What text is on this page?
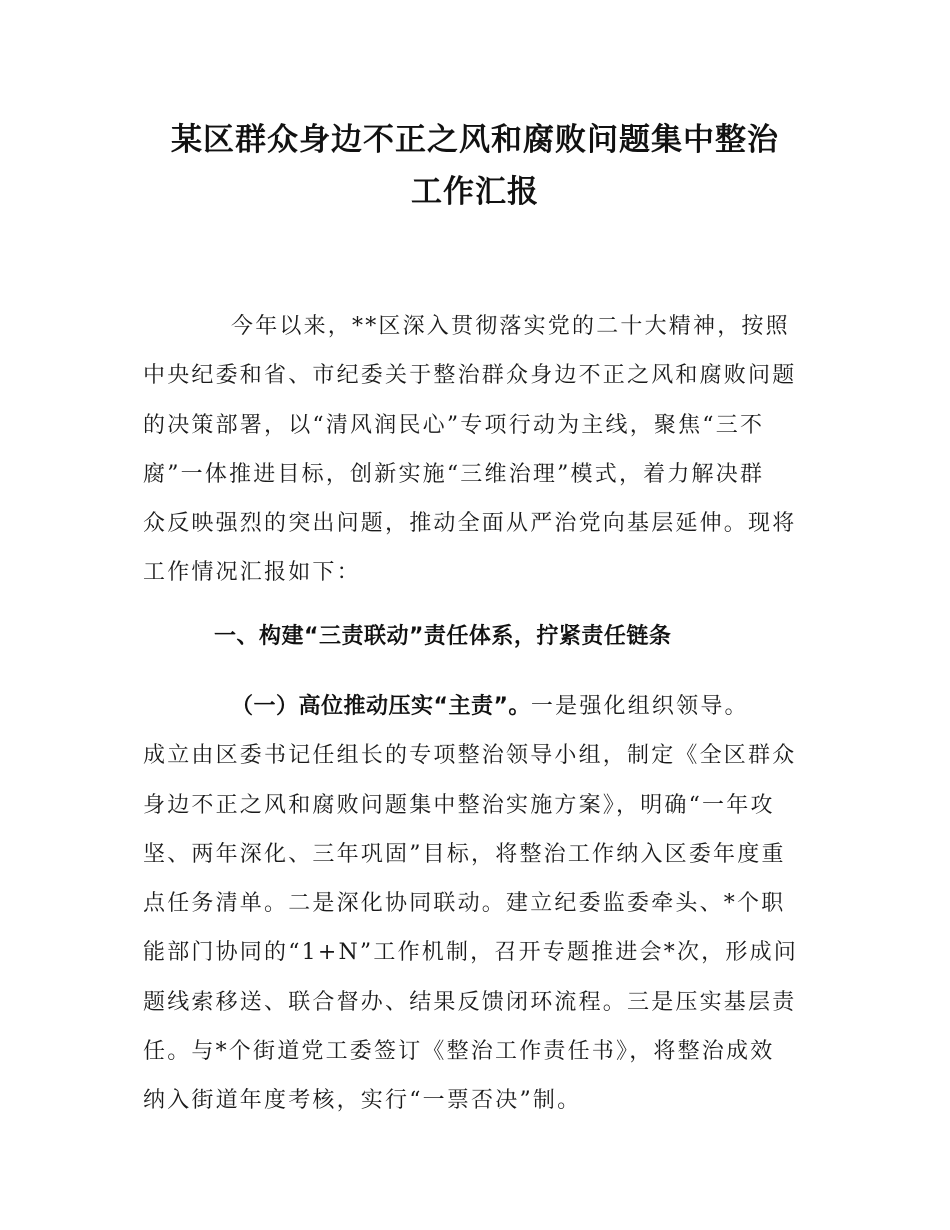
某区群众身边不正之风和腐败问题集中整治
工作汇报

今年以来，**区深入贯彻落实党的二十大精神，按照
中央纪委和省、市纪委关于整治群众身边不正之风和腐败问题
的决策部署，以“清风润民心”专项行动为主线，聚焦“三不
腐”一体推进目标，创新实施“三维治理”模式，着力解决群
众反映强烈的突出问题，推动全面从严治党向基层延伸。现将
工作情况汇报如下：

一、构建“三责联动”责任体系，拧紧责任链条

（一）高位推动压实“主责”。一是强化组织领导。
成立由区委书记任组长的专项整治领导小组，制定《全区群众
身边不正之风和腐败问题集中整治实施方案》，明确“一年攻
坚、两年深化、三年巩固”目标，将整治工作纳入区委年度重
点任务清单。二是深化协同联动。建立纪委监委牵头、*个职
能部门协同的“1+N”工作机制，召开专题推进会*次，形成问
题线索移送、联合督办、结果反馈闭环流程。三是压实基层责
任。与*个街道党工委签订《整治工作责任书》，将整治成效
纳入街道年度考核，实行“一票否决”制。
